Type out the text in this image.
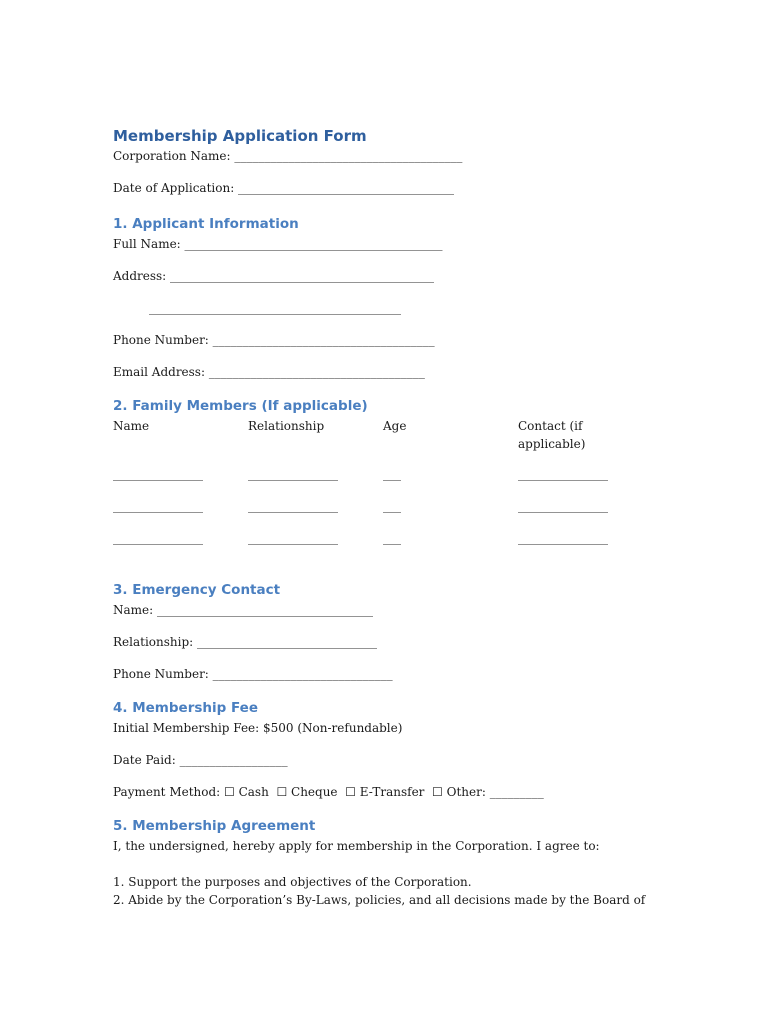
Membership Application Form

Corporation Name: ______________________________________

Date of Application: ____________________________________

1. Applicant Information

Full Name: ___________________________________________

Address: ____________________________________________

__________________________________________

Phone Number: _____________________________________

Email Address: ____________________________________

2. Family Members (If applicable)
Name	Relationship	Age	Contact (if applicable)
_______________	_______________	___	_______________
_______________	_______________	___	_______________
_______________	_______________	___	_______________
3. Emergency Contact

Name: ____________________________________

Relationship: ______________________________

Phone Number: ______________________________

4. Membership Fee

Initial Membership Fee: $500 (Non-refundable)

Date Paid: __________________

Payment Method: ☐ Cash  ☐ Cheque  ☐ E-Transfer  ☐ Other: _________

5. Membership Agreement

I, the undersigned, hereby apply for membership in the Corporation. I agree to:

1. Support the purposes and objectives of the Corporation.

2. Abide by the Corporation’s By-Laws, policies, and all decisions made by the Board of
